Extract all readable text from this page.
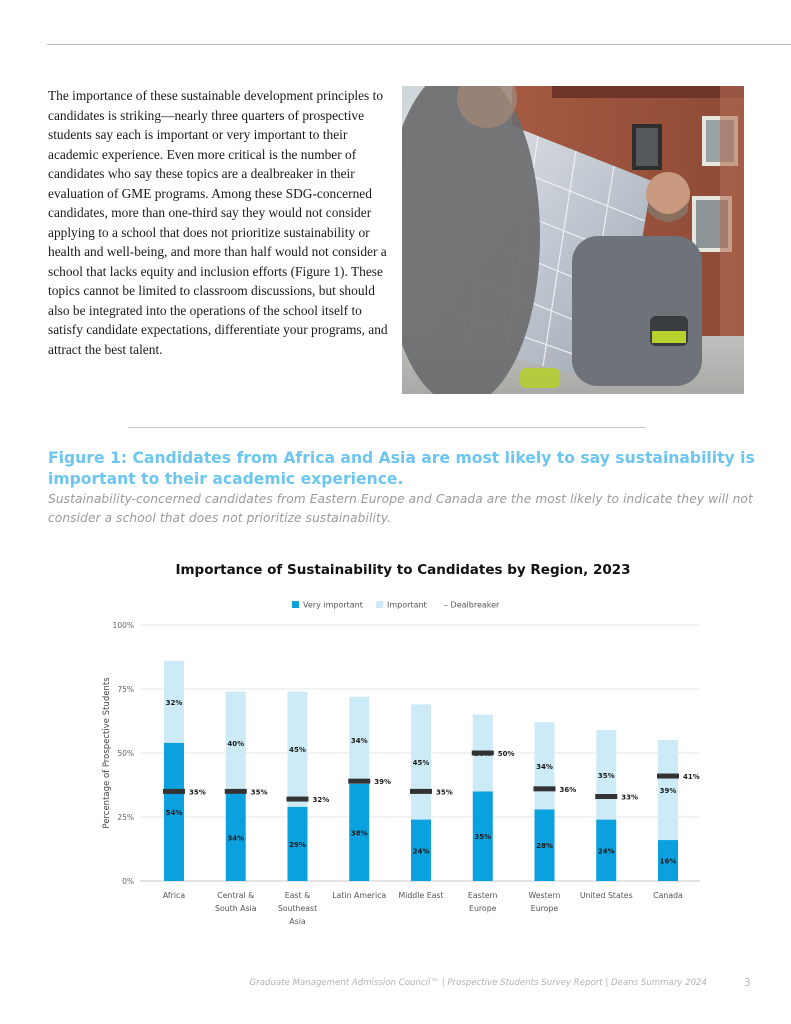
The importance of these sustainable development principles to candidates is striking—nearly three quarters of prospective students say each is important or very important to their academic experience. Even more critical is the number of candidates who say these topics are a dealbreaker in their evaluation of GME programs. Among these SDG-concerned candidates, more than one-third say they would not consider applying to a school that does not prioritize sustainability or health and well-being, and more than half would not consider a school that lacks equity and inclusion efforts (Figure 1). These topics cannot be limited to classroom discussions, but should also be integrated into the operations of the school itself to satisfy candidate expectations, differentiate your programs, and attract the best talent.
Figure 1: Candidates from Africa and Asia are most likely to say sustainability is important to their academic experience.
Sustainability-concerned candidates from Eastern Europe and Canada are the most likely to indicate they will not consider a school that does not prioritize sustainability.
Importance of Sustainability to Candidates by Region, 2023
Very important	Important – Dealbreaker
0%
25%
50%
75%
100%
Percentage of Prospective Students	54%
32%
35%
Africa
34%
40%
35%
Central & South Asia
29%
45%
32%
East & Southeast Asia
38%
34%
39%
Latin America
24%
45%
35%
Middle East
35%
50%
Eastern Europe
28%
34%
36%
Western Europe
24%
35%
33%
United States
16%
39%
41%
Canada
Graduate Management Admission Council™ | Prospective Students Survey Report | Deans Summary 2024	3
